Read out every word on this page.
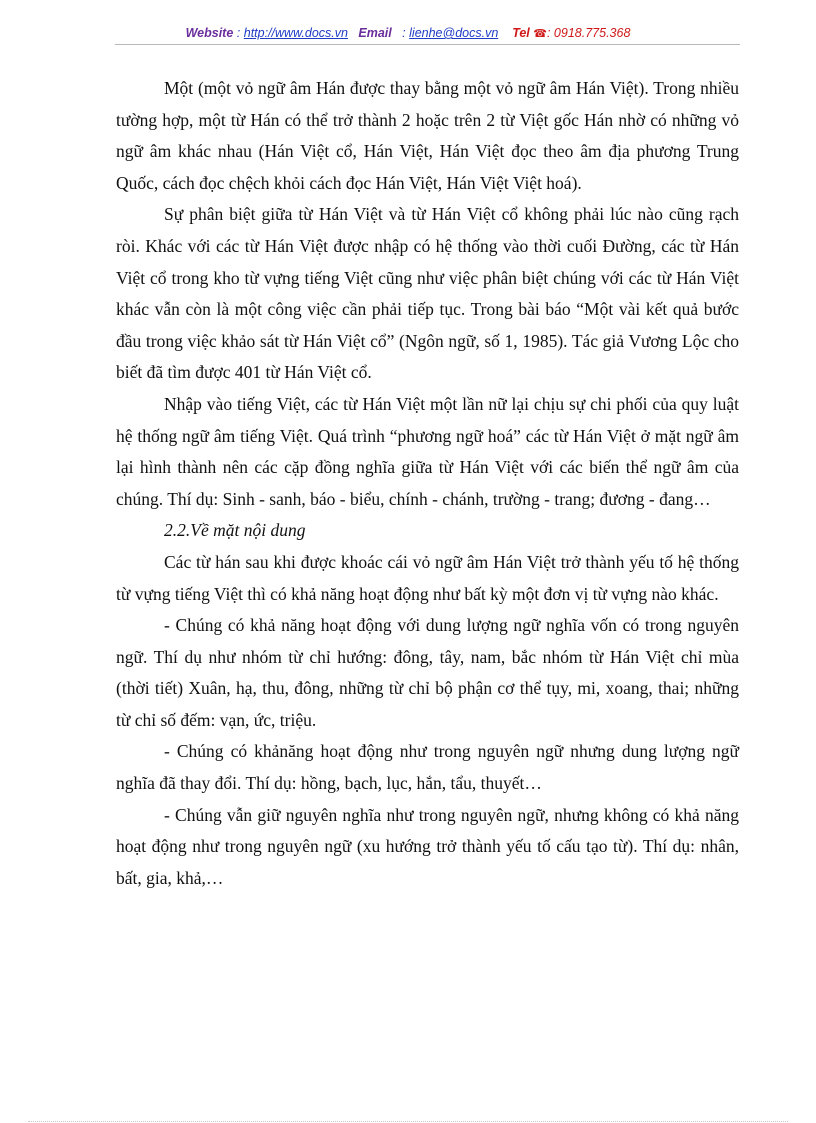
Website : http://www.docs.vn Email : lienhe@docs.vn Tel ☎: 0918.775.368

Một (một vỏ ngữ âm Hán được thay bằng một vỏ ngữ âm Hán Việt). Trong nhiều tường hợp, một từ Hán có thể trở thành 2 hoặc trên 2 từ Việt gốc Hán nhờ có những vỏ ngữ âm khác nhau (Hán Việt cổ, Hán Việt, Hán Việt đọc theo âm địa phương Trung Quốc, cách đọc chệch khỏi cách đọc Hán Việt, Hán Việt Việt hoá).

Sự phân biệt giữa từ Hán Việt và từ Hán Việt cổ không phải lúc nào cũng rạch ròi. Khác với các từ Hán Việt được nhập có hệ thống vào thời cuối Đường, các từ Hán Việt cổ trong kho từ vựng tiếng Việt cũng như việc phân biệt chúng với các từ Hán Việt khác vẫn còn là một công việc cần phải tiếp tục. Trong bài báo “Một vài kết quả bước đầu trong việc khảo sát từ Hán Việt cổ” (Ngôn ngữ, số 1, 1985). Tác giả Vương Lộc cho biết đã tìm được 401 từ Hán Việt cổ.

Nhập vào tiếng Việt, các từ Hán Việt một lần nữ lại chịu sự chi phối của quy luật hệ thống ngữ âm tiếng Việt. Quá trình “phương ngữ hoá” các từ Hán Việt ở mặt ngữ âm lại hình thành nên các cặp đồng nghĩa giữa từ Hán Việt với các biến thể ngữ âm của chúng. Thí dụ: Sinh - sanh, báo - biểu, chính - chánh, trường - trang; đương - đang…

2.2.Về mặt nội dung

Các từ hán sau khi được khoác cái vỏ ngữ âm Hán Việt trở thành yếu tố hệ thống từ vựng tiếng Việt thì có khả năng hoạt động như bất kỳ một đơn vị từ vựng nào khác.

- Chúng có khả năng hoạt động với dung lượng ngữ nghĩa vốn có trong nguyên ngữ. Thí dụ như nhóm từ chỉ hướng: đông, tây, nam, bắc nhóm từ Hán Việt chỉ mùa (thời tiết) Xuân, hạ, thu, đông, những từ chỉ bộ phận cơ thể tụy, mi, xoang, thai; những từ chỉ số đếm: vạn, ức, triệu.

- Chúng có khảnăng hoạt động như trong nguyên ngữ nhưng dung lượng ngữ nghĩa đã thay đổi. Thí dụ: hồng, bạch, lục, hắn, tẩu, thuyết…

- Chúng vẫn giữ nguyên nghĩa như trong nguyên ngữ, nhưng không có khả năng hoạt động như trong nguyên ngữ (xu hướng trở thành yếu tố cấu tạo từ). Thí dụ: nhân, bất, gia, khả,…
